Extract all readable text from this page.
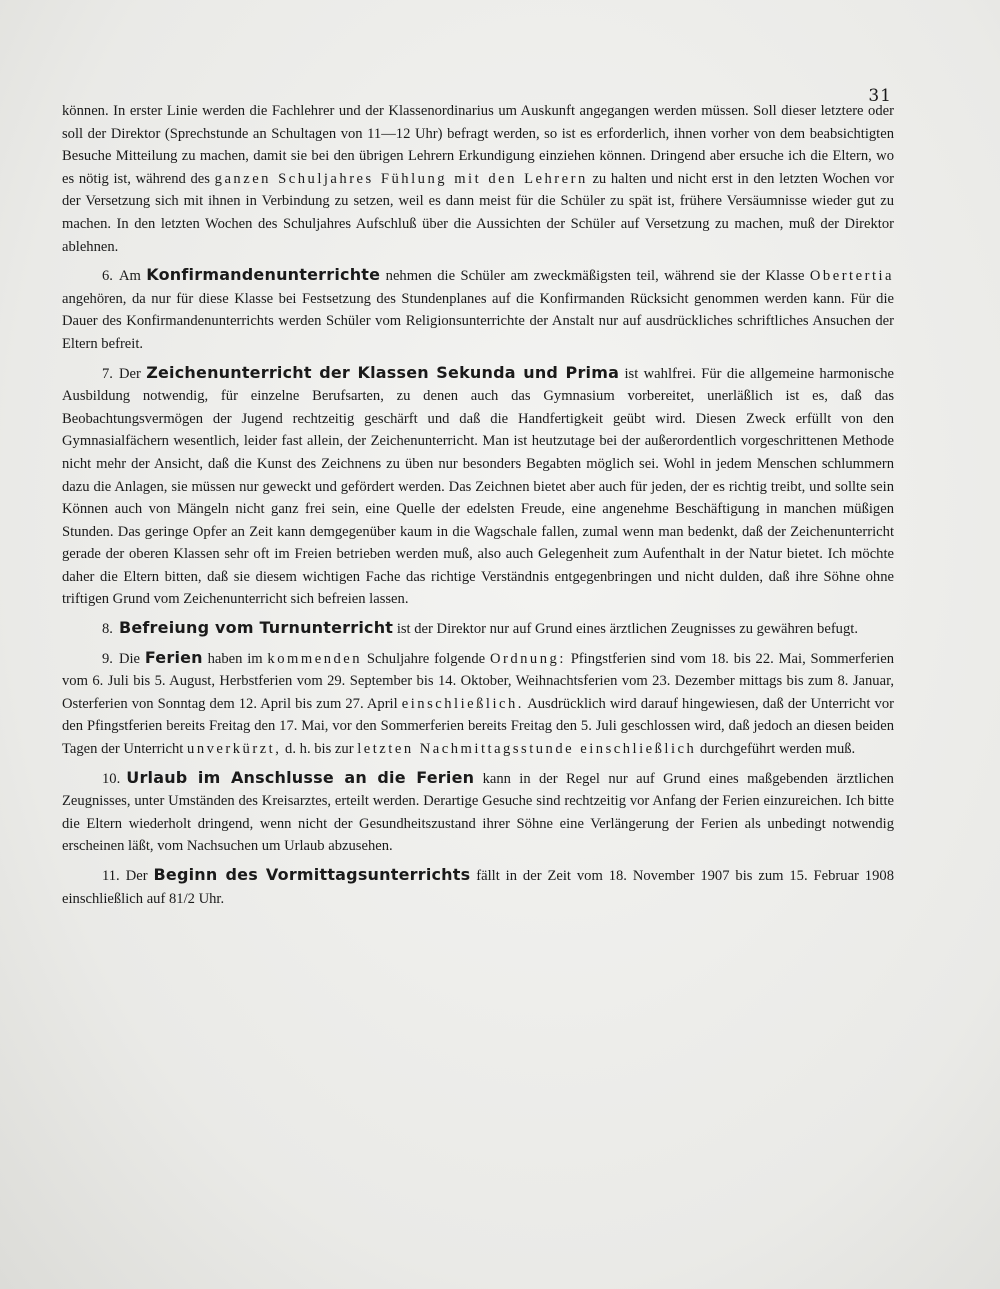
31

können. In erster Linie werden die Fachlehrer und der Klassenordinarius um Auskunft angegangen werden müssen. Soll dieser letztere oder soll der Direktor (Sprechstunde an Schultagen von 11—12 Uhr) befragt werden, so ist es erforderlich, ihnen vorher von dem beabsichtigten Besuche Mitteilung zu machen, damit sie bei den übrigen Lehrern Erkundigung einziehen können. Dringend aber ersuche ich die Eltern, wo es nötig ist, während des ganzen Schuljahres Fühlung mit den Lehrern zu halten und nicht erst in den letzten Wochen vor der Versetzung sich mit ihnen in Verbindung zu setzen, weil es dann meist für die Schüler zu spät ist, frühere Versäumnisse wieder gut zu machen. In den letzten Wochen des Schuljahres Aufschluß über die Aussichten der Schüler auf Versetzung zu machen, muß der Direktor ablehnen.

6. Am Konfirmandenunterrichte nehmen die Schüler am zweckmäßigsten teil, während sie der Klasse Obertertia angehören, da nur für diese Klasse bei Festsetzung des Stundenplanes auf die Konfirmanden Rücksicht genommen werden kann. Für die Dauer des Konfirmandenunterrichts werden Schüler vom Religionsunterrichte der Anstalt nur auf ausdrückliches schriftliches Ansuchen der Eltern befreit.

7. Der Zeichenunterricht der Klassen Sekunda und Prima ist wahlfrei. Für die allgemeine harmonische Ausbildung notwendig, für einzelne Berufsarten, zu denen auch das Gymnasium vorbereitet, unerläßlich ist es, daß das Beobachtungsvermögen der Jugend rechtzeitig geschärft und daß die Handfertigkeit geübt wird. Diesen Zweck erfüllt von den Gymnasialfächern wesentlich, leider fast allein, der Zeichenunterricht. Man ist heutzutage bei der außerordentlich vorgeschrittenen Methode nicht mehr der Ansicht, daß die Kunst des Zeichnens zu üben nur besonders Begabten möglich sei. Wohl in jedem Menschen schlummern dazu die Anlagen, sie müssen nur geweckt und gefördert werden. Das Zeichnen bietet aber auch für jeden, der es richtig treibt, und sollte sein Können auch von Mängeln nicht ganz frei sein, eine Quelle der edelsten Freude, eine angenehme Beschäftigung in manchen müßigen Stunden. Das geringe Opfer an Zeit kann demgegenüber kaum in die Wagschale fallen, zumal wenn man bedenkt, daß der Zeichenunterricht gerade der oberen Klassen sehr oft im Freien betrieben werden muß, also auch Gelegenheit zum Aufenthalt in der Natur bietet. Ich möchte daher die Eltern bitten, daß sie diesem wichtigen Fache das richtige Verständnis entgegenbringen und nicht dulden, daß ihre Söhne ohne triftigen Grund vom Zeichenunterricht sich befreien lassen.

8. Befreiung vom Turnunterricht ist der Direktor nur auf Grund eines ärztlichen Zeugnisses zu gewähren befugt.

9. Die Ferien haben im kommenden Schuljahre folgende Ordnung: Pfingstferien sind vom 18. bis 22. Mai, Sommerferien vom 6. Juli bis 5. August, Herbstferien vom 29. September bis 14. Oktober, Weihnachtsferien vom 23. Dezember mittags bis zum 8. Januar, Osterferien von Sonntag dem 12. April bis zum 27. April einschließlich. Ausdrücklich wird darauf hingewiesen, daß der Unterricht vor den Pfingstferien bereits Freitag den 17. Mai, vor den Sommerferien bereits Freitag den 5. Juli geschlossen wird, daß jedoch an diesen beiden Tagen der Unterricht unverkürzt, d. h. bis zur letzten Nachmittagsstunde einschließlich durchgeführt werden muß.

10. Urlaub im Anschlusse an die Ferien kann in der Regel nur auf Grund eines maßgebenden ärztlichen Zeugnisses, unter Umständen des Kreisarztes, erteilt werden. Derartige Gesuche sind rechtzeitig vor Anfang der Ferien einzureichen. Ich bitte die Eltern wiederholt dringend, wenn nicht der Gesundheitszustand ihrer Söhne eine Verlängerung der Ferien als unbedingt notwendig erscheinen läßt, vom Nachsuchen um Urlaub abzusehen.

11. Der Beginn des Vormittagsunterrichts fällt in der Zeit vom 18. November 1907 bis zum 15. Februar 1908 einschließlich auf 81/2 Uhr.
